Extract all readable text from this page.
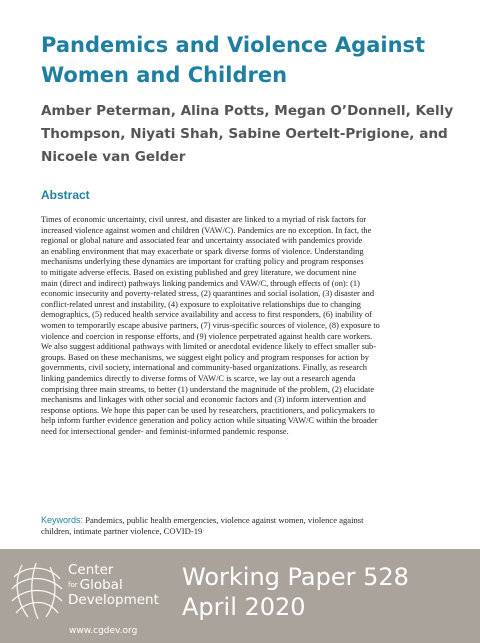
Pandemics and Violence Against
Women and Children
Amber Peterman, Alina Potts, Megan O’Donnell, Kelly
Thompson, Niyati Shah, Sabine Oertelt-Prigione, and
Nicoele van Gelder
Abstract
Times of economic uncertainty, civil unrest, and disaster are linked to a myriad of risk factors for
increased violence against women and children (VAW/C). Pandemics are no exception. In fact, the
regional or global nature and associated fear and uncertainty associated with pandemics provide
an enabling environment that may exacerbate or spark diverse forms of violence. Understanding
mechanisms underlying these dynamics are important for crafting policy and program responses
to mitigate adverse effects. Based on existing published and grey literature, we document nine
main (direct and indirect) pathways linking pandemics and VAW/C, through effects of (on): (1)
economic insecurity and poverty-related stress, (2) quarantines and social isolation, (3) disaster and
conflict-related unrest and instability, (4) exposure to exploitative relationships due to changing
demographics, (5) reduced health service availability and access to first responders, (6) inability of
women to temporarily escape abusive partners, (7) virus-specific sources of violence, (8) exposure to
violence and coercion in response efforts, and (9) violence perpetrated against health care workers.
We also suggest additional pathways with limited or anecdotal evidence likely to effect smaller sub-
groups. Based on these mechanisms, we suggest eight policy and program responses for action by
governments, civil society, international and community-based organizations. Finally, as research
linking pandemics directly to diverse forms of VAW/C is scarce, we lay out a research agenda
comprising three main streams, to better (1) understand the magnitude of the problem, (2) elucidate
mechanisms and linkages with other social and economic factors and (3) inform intervention and
response options. We hope this paper can be used by researchers, practitioners, and policymakers to
help inform further evidence generation and policy action while situating VAW/C within the broader
need for intersectional gender- and feminist-informed pandemic response.
Keywords: Pandemics, public health emergencies, violence against women, violence against
children, intimate partner violence, COVID-19
Center
for Global
Development
www.cgdev.org
Working Paper 528
April 2020
